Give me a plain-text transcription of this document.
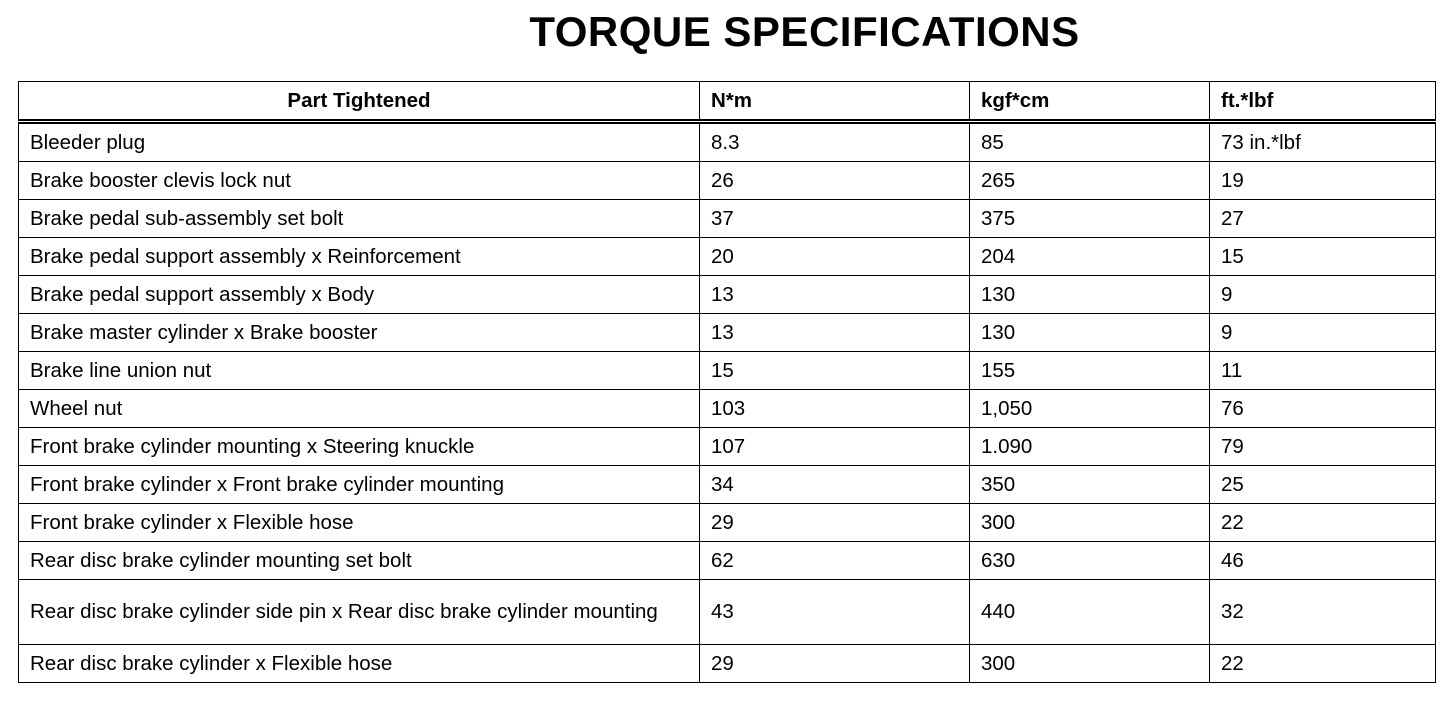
TORQUE SPECIFICATIONS
Part Tightened	N*m	kgf*cm	ft.*lbf
Bleeder plug	8.3	85	73 in.*lbf
Brake booster clevis lock nut	26	265	19
Brake pedal sub-assembly set bolt	37	375	27
Brake pedal support assembly x Reinforcement	20	204	15
Brake pedal support assembly x Body	13	130	9
Brake master cylinder x Brake booster	13	130	9
Brake line union nut	15	155	11
Wheel nut	103	1,050	76
Front brake cylinder mounting x Steering knuckle	107	1.090	79
Front brake cylinder x Front brake cylinder mounting	34	350	25
Front brake cylinder x Flexible hose	29	300	22
Rear disc brake cylinder mounting set bolt	62	630	46
Rear disc brake cylinder side pin x Rear disc brake cylinder mounting	43	440	32
Rear disc brake cylinder x Flexible hose	29	300	22
